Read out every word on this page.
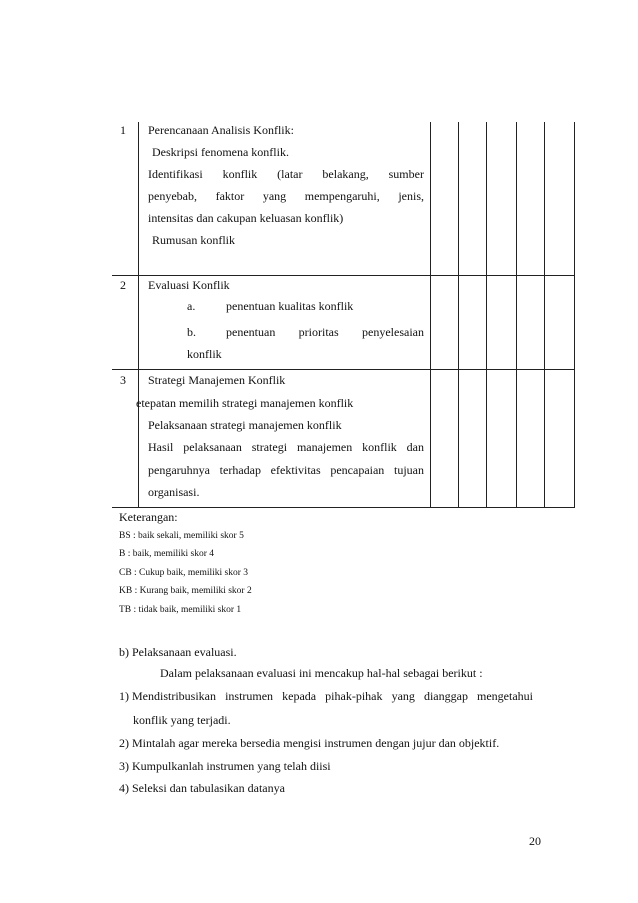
1 Perencanaan Analisis Konflik:
Deskripsi fenomena konflik.
Identifikasi konflik (latar belakang, sumber
penyebab, faktor yang mempengaruhi, jenis,
intensitas dan cakupan keluasan konflik)
Rumusan konflik
2 Evaluasi Konflik
a.	penentuan kualitas konflik
b.	penentuan prioritas penyelesaian
konflik
3 Strategi Manajemen Konflik
etepatan memilih strategi manajemen konflik
Pelaksanaan strategi manajemen konflik
Hasil pelaksanaan strategi manajemen konflik dan
pengaruhnya terhadap efektivitas pencapaian tujuan
organisasi.
Keterangan:
BS : baik sekali, memiliki skor 5
B : baik, memiliki skor 4
CB : Cukup baik, memiliki skor 3
KB : Kurang baik, memiliki skor 2
TB : tidak baik, memiliki skor 1
b) Pelaksanaan evaluasi.
Dalam pelaksanaan evaluasi ini mencakup hal-hal sebagai berikut :
1) Mendistribusikan instrumen kepada pihak-pihak yang dianggap mengetahui
konflik yang terjadi.
2) Mintalah agar mereka bersedia mengisi instrumen dengan jujur dan objektif.
3) Kumpulkanlah instrumen yang telah diisi
4) Seleksi dan tabulasikan datanya
20
